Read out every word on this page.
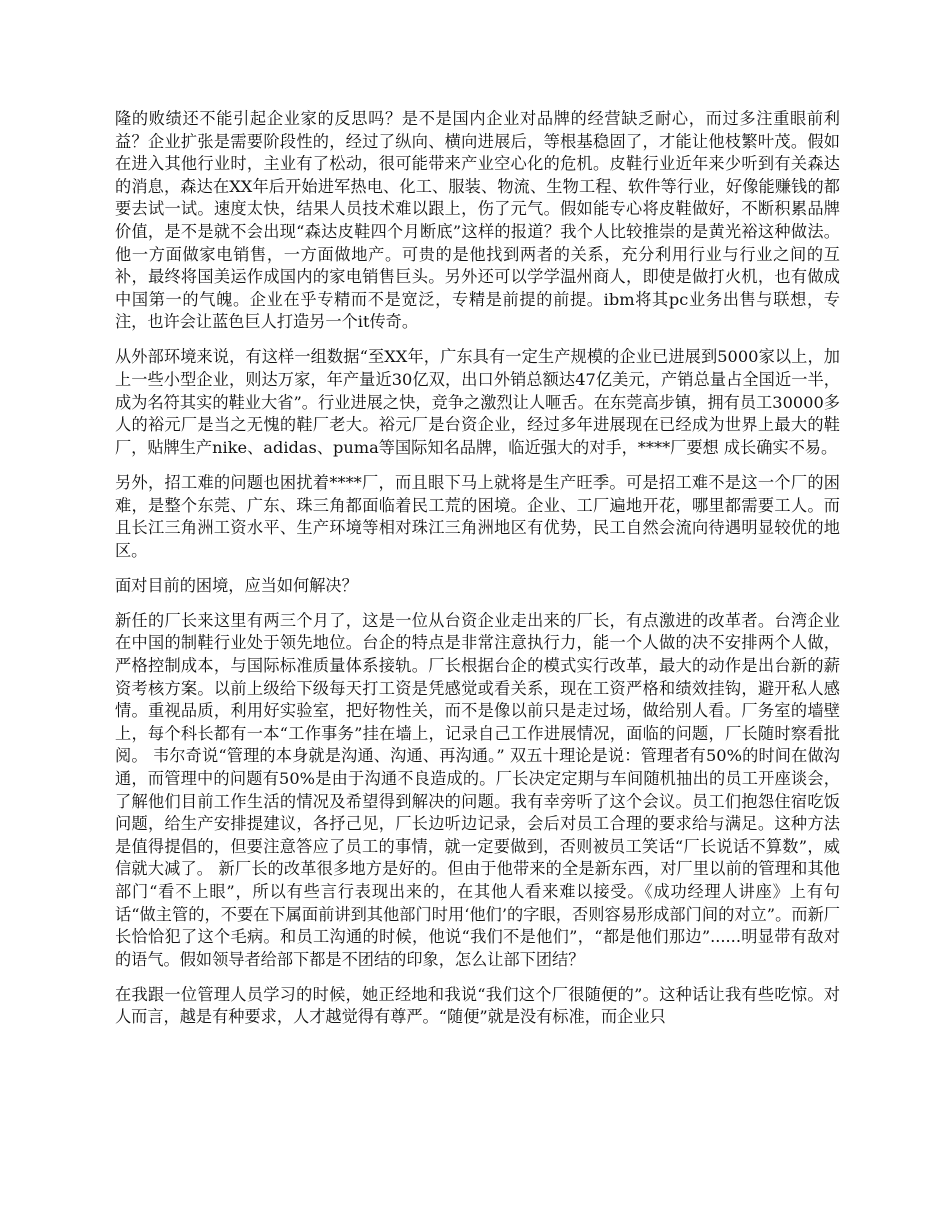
隆的败绩还不能引起企业家的反思吗？是不是国内企业对品牌的经营缺乏耐心，而过多注重眼前利益？企业扩张是需要阶段性的，经过了纵向、横向进展后，等根基稳固了，才能让他枝繁叶茂。假如在进入其他行业时，主业有了松动，很可能带来产业空心化的危机。皮鞋行业近年来少听到有关森达的消息，森达在XX年后开始进军热电、化工、服装、物流、生物工程、软件等行业，好像能赚钱的都要去试一试。速度太快，结果人员技术难以跟上，伤了元气。假如能专心将皮鞋做好，不断积累品牌价值，是不是就不会出现“森达皮鞋四个月断底”这样的报道？我个人比较推崇的是黄光裕这种做法。他一方面做家电销售，一方面做地产。可贵的是他找到两者的关系，充分利用行业与行业之间的互补，最终将国美运作成国内的家电销售巨头。另外还可以学学温州商人，即使是做打火机，也有做成中国第一的气魄。企业在乎专精而不是宽泛，专精是前提的前提。ibm将其pc业务出售与联想，专注，也许会让蓝色巨人打造另一个it传奇。

从外部环境来说，有这样一组数据“至XX年，广东具有一定生产规模的企业已进展到5000家以上，加上一些小型企业，则达万家，年产量近30亿双，出口外销总额达47亿美元，产销总量占全国近一半，成为名符其实的鞋业大省”。行业进展之快，竞争之激烈让人咂舌。在东莞高步镇，拥有员工30000多人的裕元厂是当之无愧的鞋厂老大。裕元厂是台资企业，经过多年进展现在已经成为世界上最大的鞋厂，贴牌生产nike、adidas、puma等国际知名品牌，临近强大的对手，****厂要想 成长确实不易。

另外，招工难的问题也困扰着****厂，而且眼下马上就将是生产旺季。可是招工难不是这一个厂的困难，是整个东莞、广东、珠三角都面临着民工荒的困境。企业、工厂遍地开花，哪里都需要工人。而且长江三角洲工资水平、生产环境等相对珠江三角洲地区有优势，民工自然会流向待遇明显较优的地区。

面对目前的困境，应当如何解决？

新任的厂长来这里有两三个月了，这是一位从台资企业走出来的厂长，有点激进的改革者。台湾企业在中国的制鞋行业处于领先地位。台企的特点是非常注意执行力，能一个人做的决不安排两个人做，严格控制成本，与国际标准质量体系接轨。厂长根据台企的模式实行改革，最大的动作是出台新的薪资考核方案。以前上级给下级每天打工资是凭感觉或看关系，现在工资严格和绩效挂钩，避开私人感情。重视品质，利用好实验室，把好物性关，而不是像以前只是走过场，做给别人看。厂务室的墙壁上，每个科长都有一本“工作事务”挂在墙上，记录自己工作进展情况，面临的问题，厂长随时察看批阅。 韦尔奇说“管理的本身就是沟通、沟通、再沟通。” 双五十理论是说：管理者有50%的时间在做沟通，而管理中的问题有50%是由于沟通不良造成的。厂长决定定期与车间随机抽出的员工开座谈会，了解他们目前工作生活的情况及希望得到解决的问题。我有幸旁听了这个会议。员工们抱怨住宿吃饭问题，给生产安排提建议，各抒己见，厂长边听边记录，会后对员工合理的要求给与满足。这种方法是值得提倡的，但要注意答应了员工的事情，就一定要做到，否则被员工笑话“厂长说话不算数”，威信就大减了。 新厂长的改革很多地方是好的。但由于他带来的全是新东西，对厂里以前的管理和其他部门“看不上眼”，所以有些言行表现出来的，在其他人看来难以接受。《成功经理人讲座》上有句话“做主管的，不要在下属面前讲到其他部门时用‘他们’的字眼，否则容易形成部门间的对立”。而新厂长恰恰犯了这个毛病。和员工沟通的时候，他说“我们不是他们”，“都是他们那边”......明显带有敌对的语气。假如领导者给部下都是不团结的印象，怎么让部下团结？

在我跟一位管理人员学习的时候，她正经地和我说“我们这个厂很随便的”。这种话让我有些吃惊。对人而言，越是有种要求，人才越觉得有尊严。“随便”就是没有标准，而企业只
